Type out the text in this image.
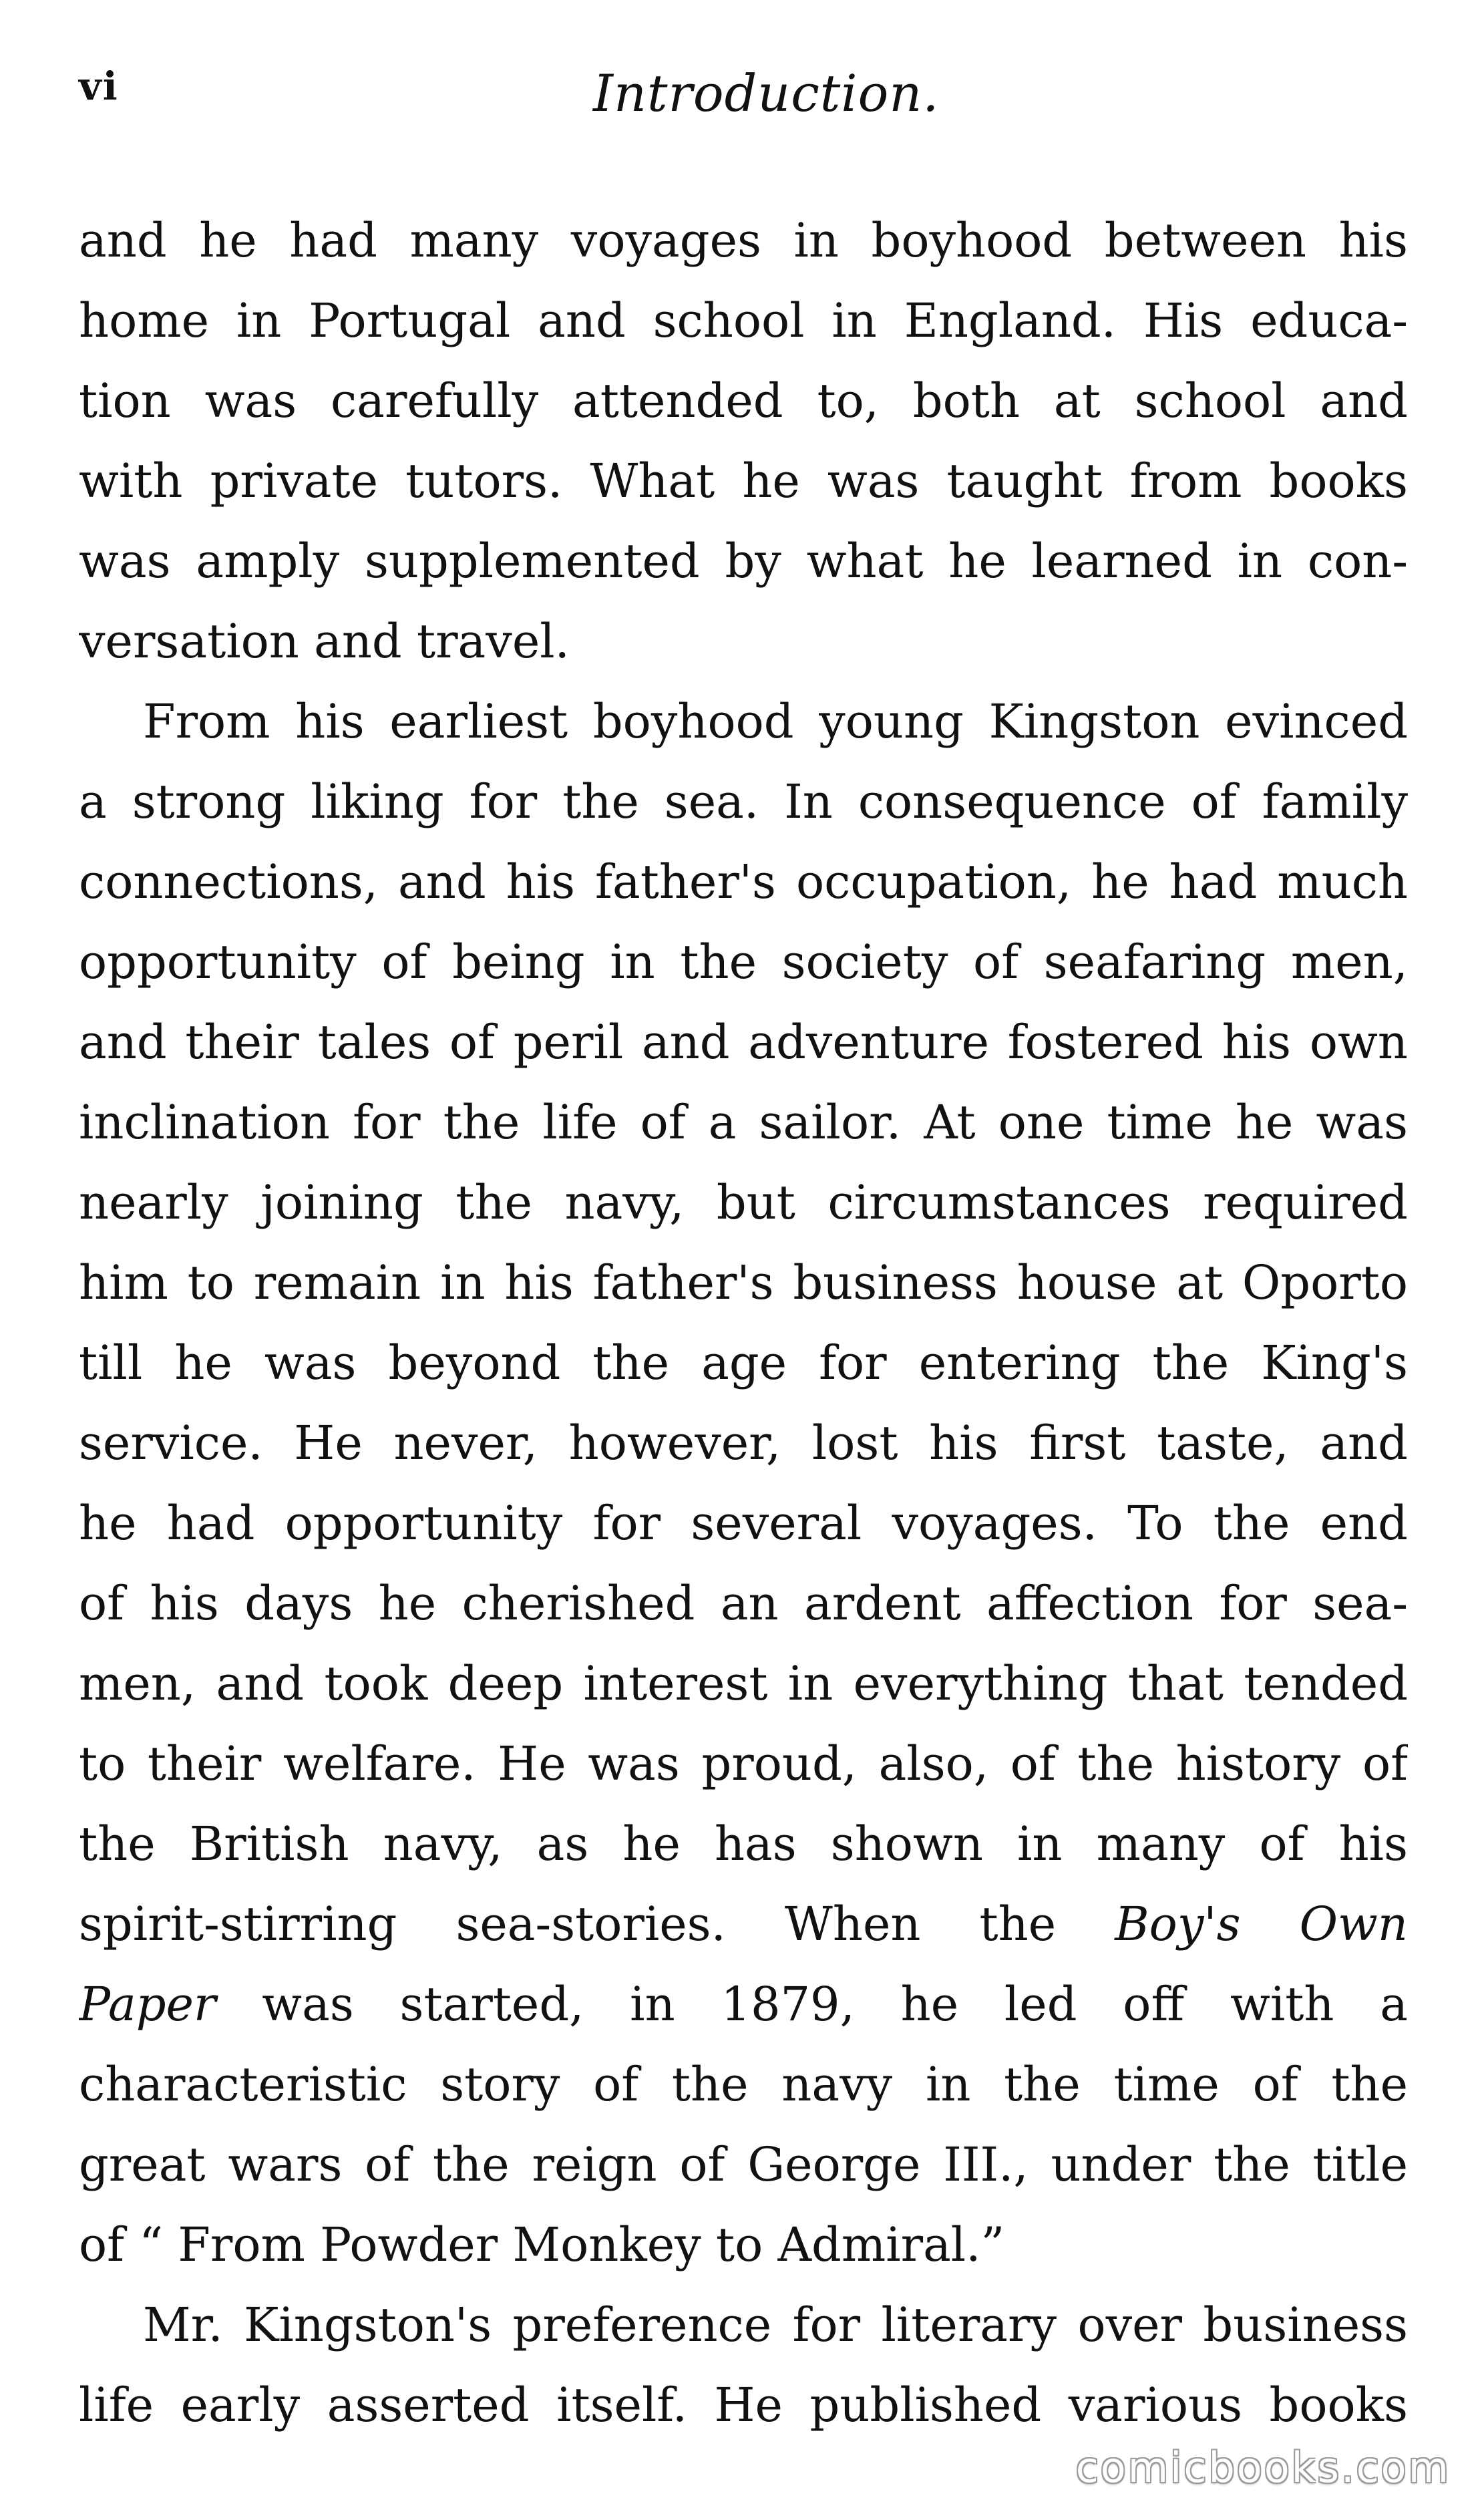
vi	Introduction.
and he had many voyages in boyhood between his
home in Portugal and school in England. His educa-
tion was carefully attended to, both at school and
with private tutors. What he was taught from books
was amply supplemented by what he learned in con-
versation and travel.
From his earliest boyhood young Kingston evinced
a strong liking for the sea. In consequence of family
connections, and his father's occupation, he had much
opportunity of being in the society of seafaring men,
and their tales of peril and adventure fostered his own
inclination for the life of a sailor. At one time he was
nearly joining the navy, but circumstances required
him to remain in his father's business house at Oporto
till he was beyond the age for entering the King's
service. He never, however, lost his first taste, and
he had opportunity for several voyages. To the end
of his days he cherished an ardent affection for sea-
men, and took deep interest in everything that tended
to their welfare. He was proud, also, of the history of
the British navy, as he has shown in many of his
spirit-stirring sea-stories. When the Boy's Own
Paper was started, in 1879, he led off with a
characteristic story of the navy in the time of the
great wars of the reign of George III., under the title
of “ From Powder Monkey to Admiral.”
Mr. Kingston's preference for literary over business
life early asserted itself. He published various books
comicbooks.com
